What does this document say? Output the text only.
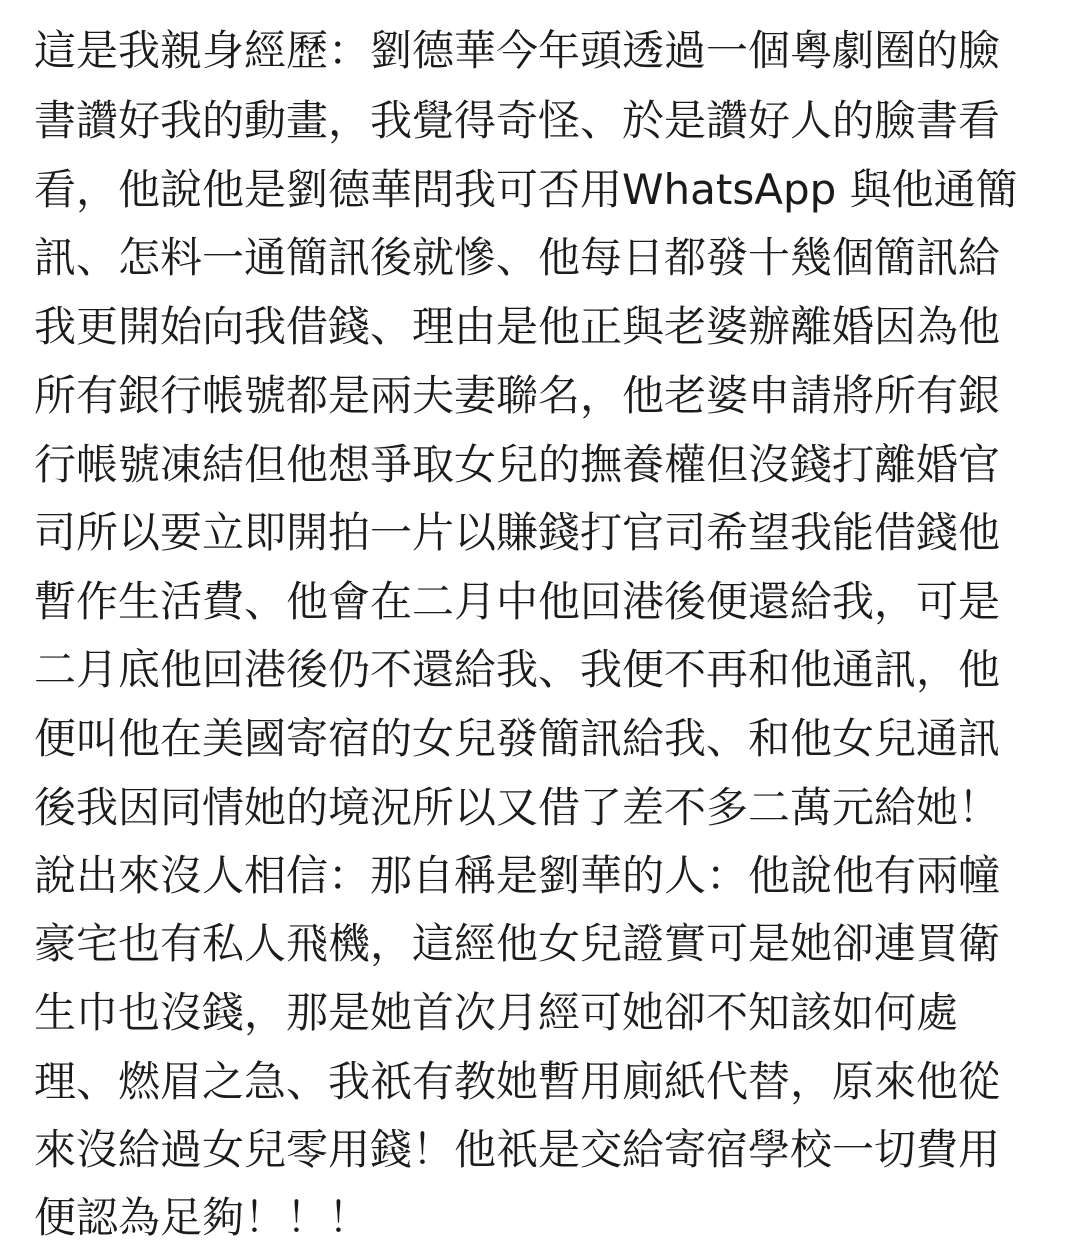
這是我親身經歷：劉德華今年頭透過一個粵劇圈的臉
書讚好我的動畫，我覺得奇怪、於是讚好人的臉書看
看，他說他是劉德華問我可否用WhatsApp 與他通簡
訊、怎料一通簡訊後就慘、他每日都發十幾個簡訊給
我更開始向我借錢、理由是他正與老婆辦離婚因為他
所有銀行帳號都是兩夫妻聯名，他老婆申請將所有銀
行帳號凍結但他想爭取女兒的撫養權但沒錢打離婚官
司所以要立即開拍一片以賺錢打官司希望我能借錢他
暫作生活費、他會在二月中他回港後便還給我，可是
二月底他回港後仍不還給我、我便不再和他通訊，他
便叫他在美國寄宿的女兒發簡訊給我、和他女兒通訊
後我因同情她的境況所以又借了差不多二萬元給她！
說出來沒人相信：那自稱是劉華的人：他說他有兩幢
豪宅也有私人飛機，這經他女兒證實可是她卻連買衛
生巾也沒錢，那是她首次月經可她卻不知該如何處
理、燃眉之急、我祇有教她暫用廁紙代替，原來他從
來沒給過女兒零用錢！他祇是交給寄宿學校一切費用
便認為足夠！！！
